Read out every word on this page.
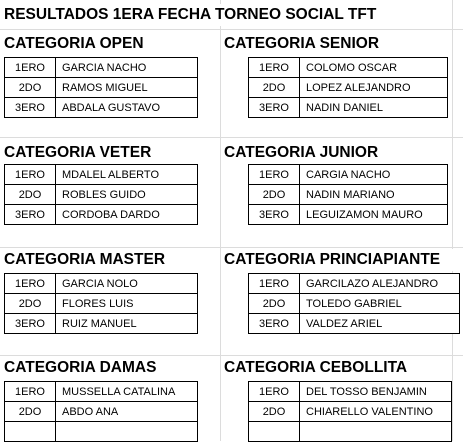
RESULTADOS 1ERA FECHA TORNEO SOCIAL TFT
CATEGORIA OPEN
1ERO	GARCIA NACHO
2DO	RAMOS MIGUEL
3ERO	ABDALA GUSTAVO
CATEGORIA SENIOR
1ERO	COLOMO OSCAR
2DO	LOPEZ ALEJANDRO
3ERO	NADIN DANIEL
CATEGORIA VETER
1ERO	MDALEL ALBERTO
2DO	ROBLES GUIDO
3ERO	CORDOBA DARDO
CATEGORIA JUNIOR
1ERO	CARGIA NACHO
2DO	NADIN MARIANO
3ERO	LEGUIZAMON MAURO
CATEGORIA MASTER
1ERO	GARCIA NOLO
2DO	FLORES LUIS
3ERO	RUIZ MANUEL
CATEGORIA PRINCIAPIANTE
1ERO	GARCILAZO ALEJANDRO
2DO	TOLEDO GABRIEL
3ERO	VALDEZ ARIEL
CATEGORIA DAMAS
1ERO	MUSSELLA CATALINA
2DO	ABDO ANA

CATEGORIA CEBOLLITA
1ERO	DEL TOSSO BENJAMIN
2DO	CHIARELLO VALENTINO
